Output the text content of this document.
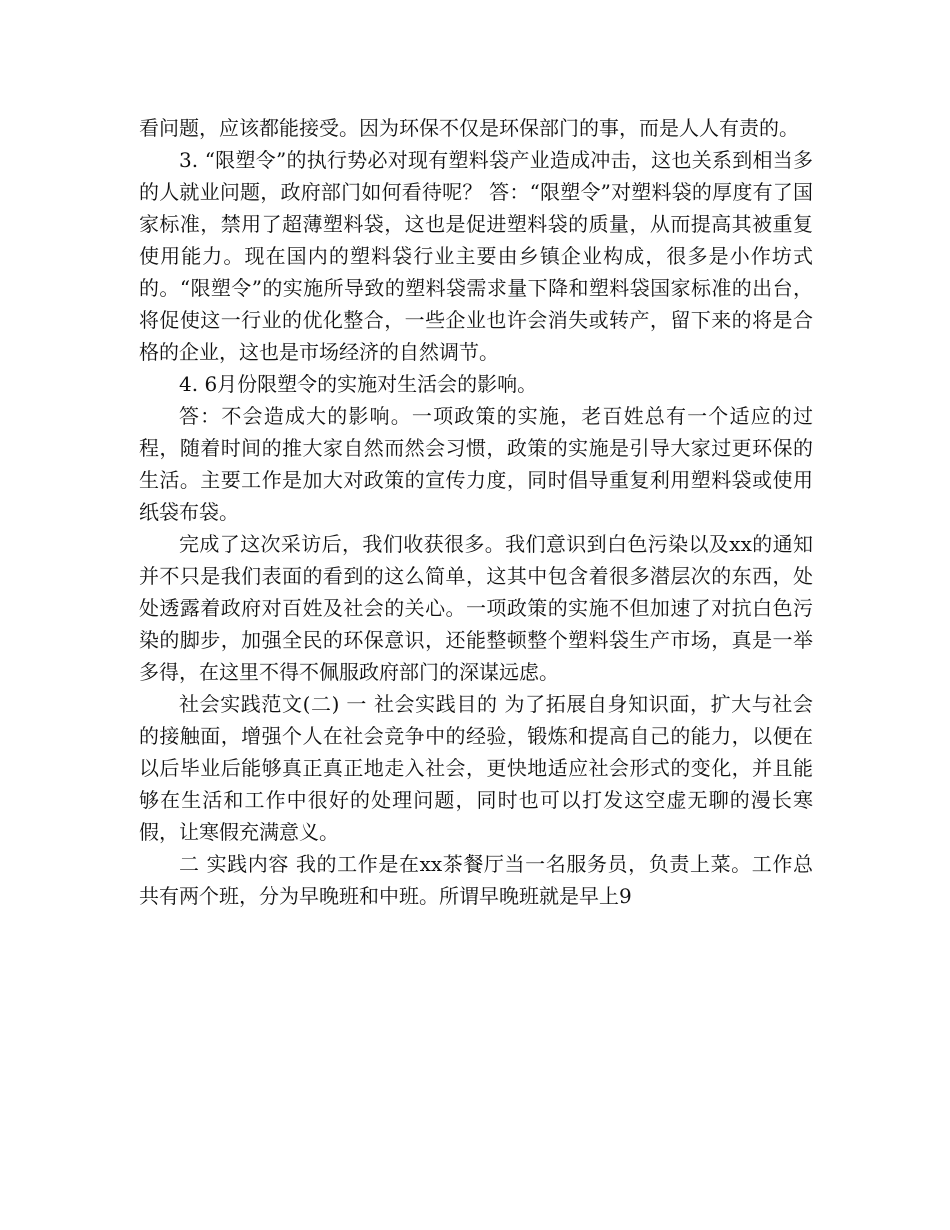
看问题，应该都能接受。因为环保不仅是环保部门的事，而是人人有责的。

3. “限塑令”的执行势必对现有塑料袋产业造成冲击，这也关系到相当多的人就业问题，政府部门如何看待呢？ 答：“限塑令”对塑料袋的厚度有了国家标准，禁用了超薄塑料袋，这也是促进塑料袋的质量，从而提高其被重复使用能力。现在国内的塑料袋行业主要由乡镇企业构成，很多是小作坊式的。“限塑令”的实施所导致的塑料袋需求量下降和塑料袋国家标准的出台，将促使这一行业的优化整合，一些企业也许会消失或转产，留下来的将是合格的企业，这也是市场经济的自然调节。

4. 6月份限塑令的实施对生活会的影响。

答：不会造成大的影响。一项政策的实施，老百姓总有一个适应的过程，随着时间的推大家自然而然会习惯，政策的实施是引导大家过更环保的生活。主要工作是加大对政策的宣传力度，同时倡导重复利用塑料袋或使用纸袋布袋。

完成了这次采访后，我们收获很多。我们意识到白色污染以及xx的通知并不只是我们表面的看到的这么简单，这其中包含着很多潜层次的东西，处处透露着政府对百姓及社会的关心。一项政策的实施不但加速了对抗白色污染的脚步，加强全民的环保意识，还能整顿整个塑料袋生产市场，真是一举多得，在这里不得不佩服政府部门的深谋远虑。

社会实践范文(二) 一 社会实践目的 为了拓展自身知识面，扩大与社会的接触面，增强个人在社会竞争中的经验，锻炼和提高自己的能力，以便在以后毕业后能够真正真正地走入社会，更快地适应社会形式的变化，并且能够在生活和工作中很好的处理问题，同时也可以打发这空虚无聊的漫长寒假，让寒假充满意义。

二 实践内容 我的工作是在xx茶餐厅当一名服务员，负责上菜。工作总共有两个班，分为早晚班和中班。所谓早晚班就是早上9
